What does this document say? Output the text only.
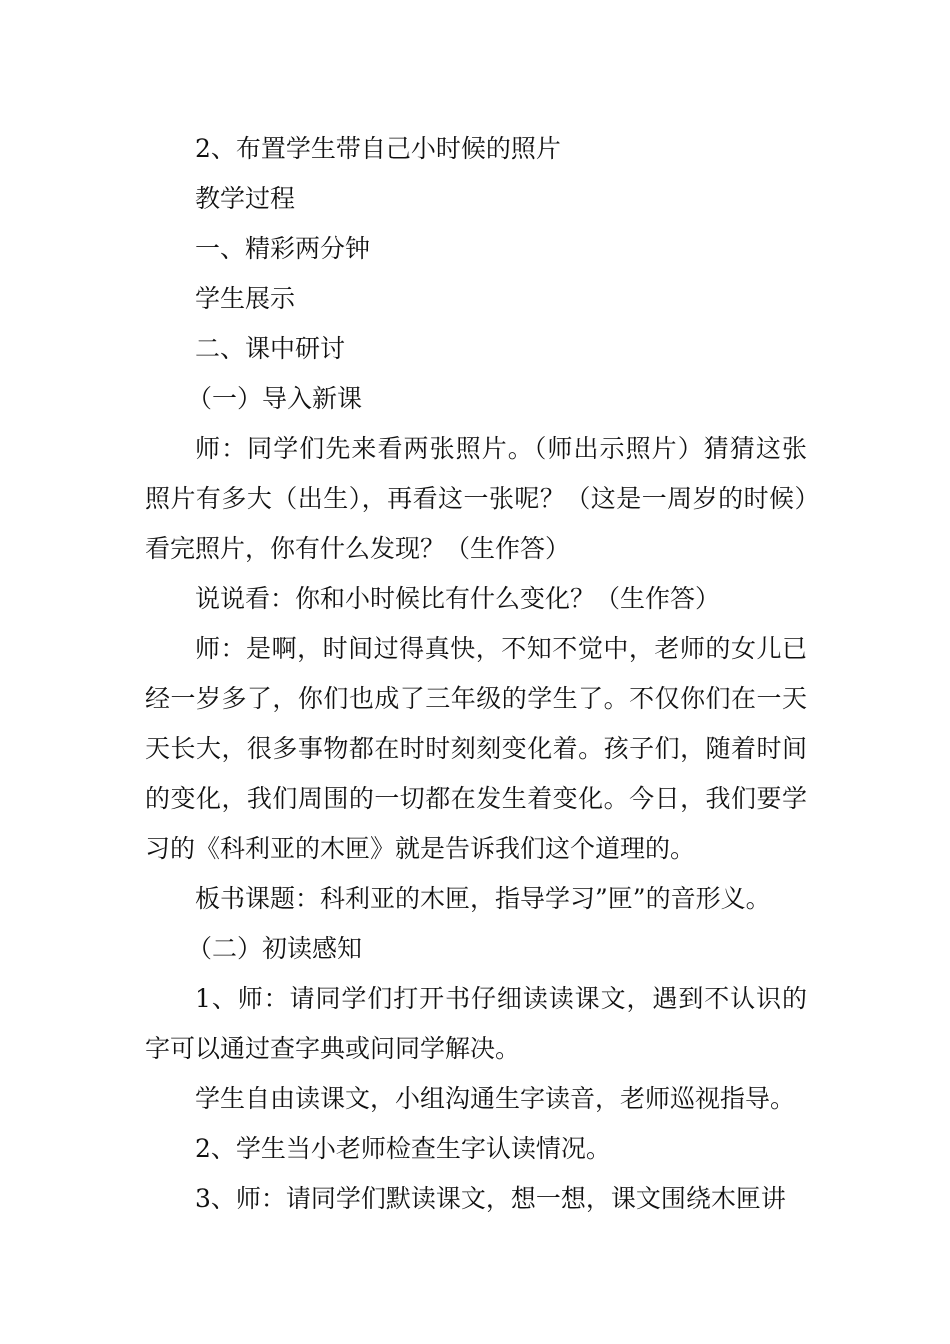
2、布置学生带自己小时候的照片

教学过程

一、精彩两分钟

学生展示

二、课中研讨

（一）导入新课

师：同学们先来看两张照片。（师出示照片）猜猜这张照片有多大（出生），再看这一张呢？（这是一周岁的时候）看完照片，你有什么发现？（生作答）

说说看：你和小时候比有什么变化？（生作答）

师：是啊，时间过得真快，不知不觉中，老师的女儿已经一岁多了，你们也成了三年级的学生了。不仅你们在一天天长大，很多事物都在时时刻刻变化着。孩子们，随着时间的变化，我们周围的一切都在发生着变化。今日，我们要学习的《科利亚的木匣》就是告诉我们这个道理的。

板书课题：科利亚的木匣，指导学习”匣”的音形义。

（二）初读感知

1、师：请同学们打开书仔细读读课文，遇到不认识的字可以通过查字典或问同学解决。

学生自由读课文，小组沟通生字读音，老师巡视指导。

2、学生当小老师检查生字认读情况。

3、师：请同学们默读课文，想一想，课文围绕木匣讲
